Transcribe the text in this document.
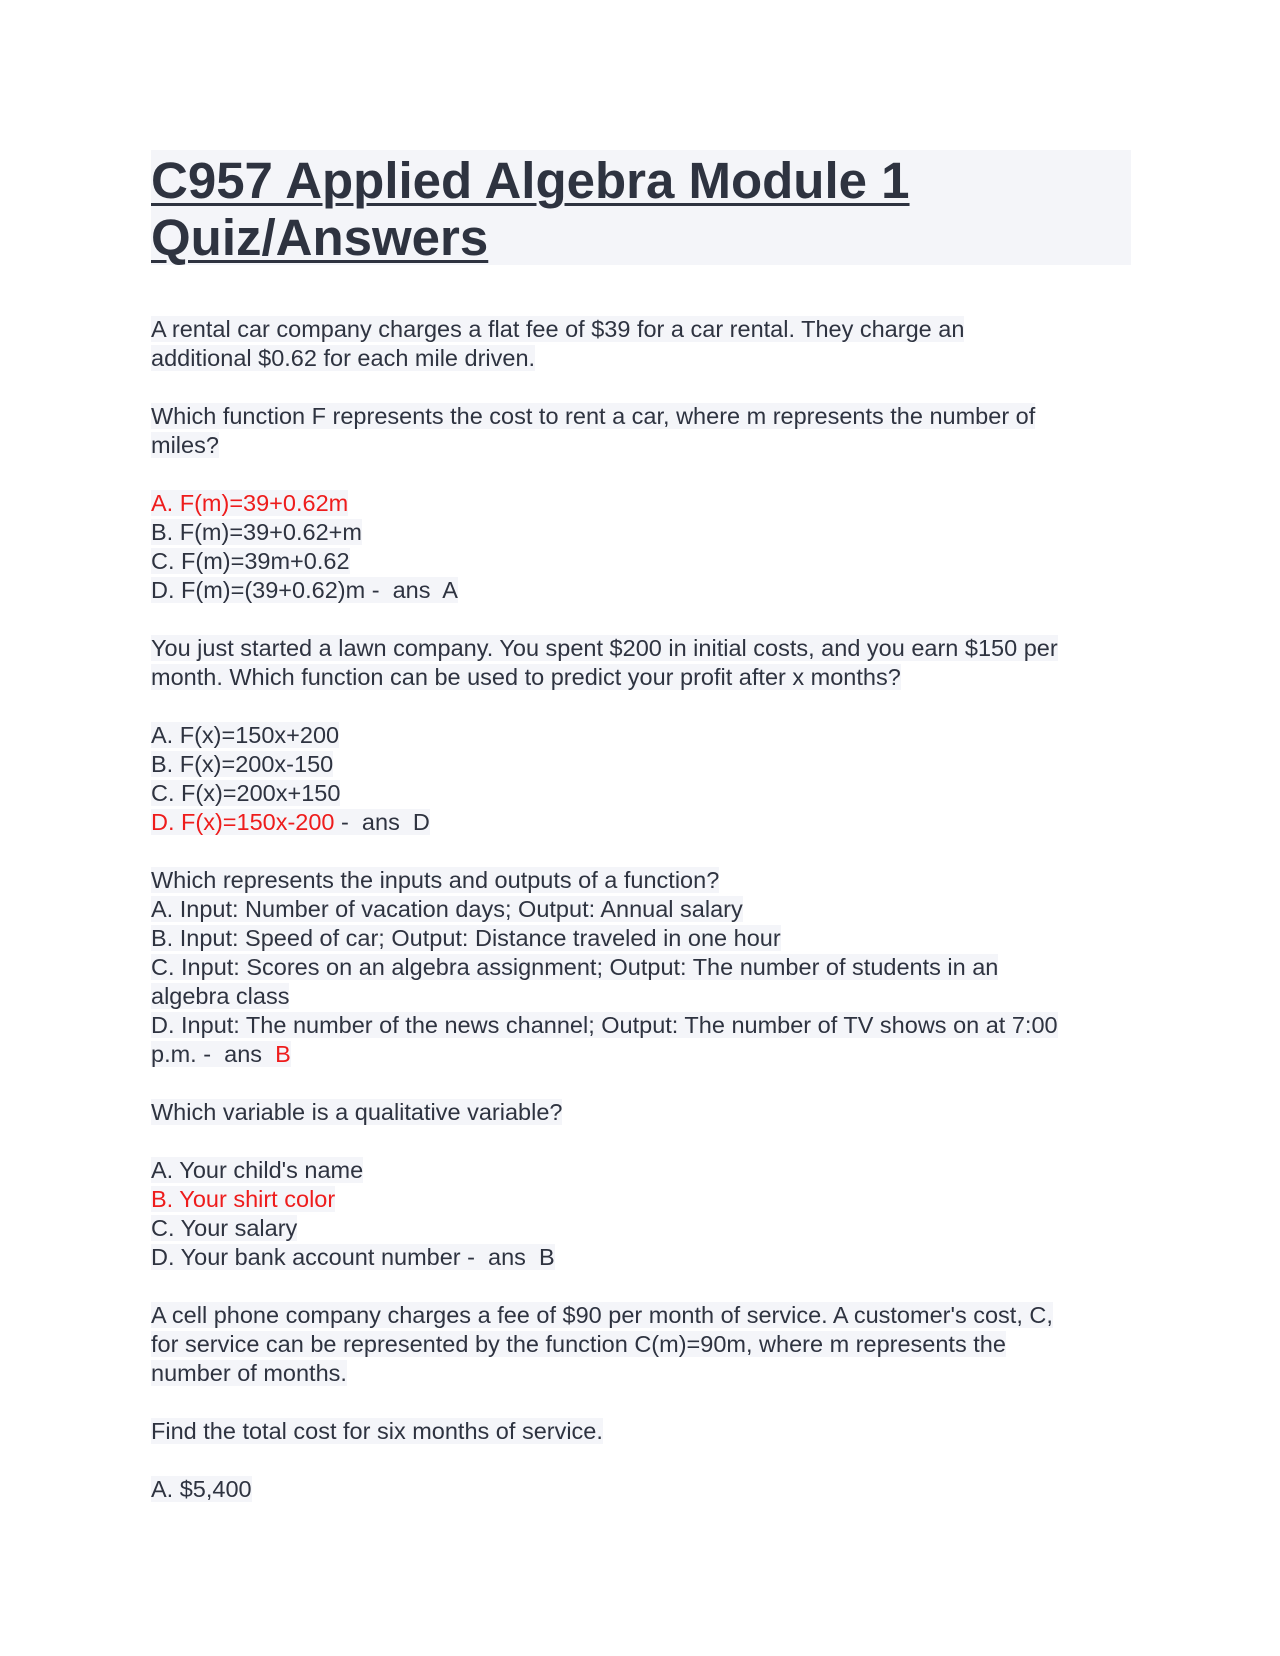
C957 Applied Algebra Module 1
Quiz/Answers
A rental car company charges a flat fee of $39 for a car rental. They charge an
additional $0.62 for each mile driven.
Which function F represents the cost to rent a car, where m represents the number of
miles?
A. F(m)=39+0.62m
B. F(m)=39+0.62+m
C. F(m)=39m+0.62
D. F(m)=(39+0.62)m -  ans  A
You just started a lawn company. You spent $200 in initial costs, and you earn $150 per
month. Which function can be used to predict your profit after x months?
A. F(x)=150x+200
B. F(x)=200x-150
C. F(x)=200x+150
D. F(x)=150x-200 -  ans  D
Which represents the inputs and outputs of a function?
A. Input: Number of vacation days; Output: Annual salary
B. Input: Speed of car; Output: Distance traveled in one hour
C. Input: Scores on an algebra assignment; Output: The number of students in an
algebra class
D. Input: The number of the news channel; Output: The number of TV shows on at 7:00
p.m. -  ans  B
Which variable is a qualitative variable?
A. Your child's name
B. Your shirt color
C. Your salary
D. Your bank account number -  ans  B
A cell phone company charges a fee of $90 per month of service. A customer's cost, C,
for service can be represented by the function C(m)=90m, where m represents the
number of months.
Find the total cost for six months of service.
A. $5,400
